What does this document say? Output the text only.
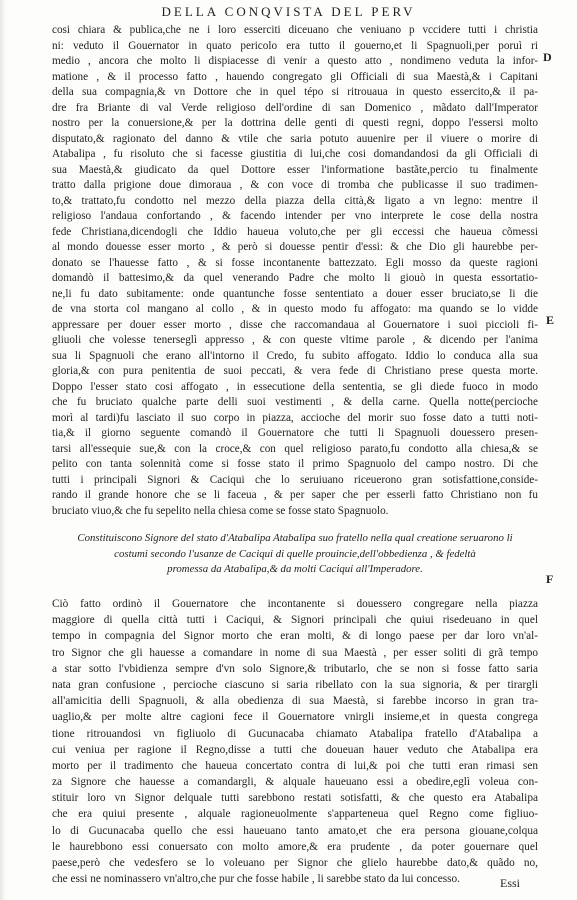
DELLA CONQVISTA DEL PERV
D
E
F
cosi chiara & publica,che ne i loro esserciti diceuano che veniuano p vccidere tutti i christia
ni: veduto il Gouernator in quato pericolo era tutto il gouerno,et li Spagnuoli,per poruì ri
medio , ancora che molto li dispiacesse di venir a questo atto , nondimeno veduta la infor-
matione , & il processo fatto , hauendo congregato gli Officiali di sua Maestà,& i Capitani
della sua compagnia,& vn Dottore che in quel tépo si ritrouaua in questo essercito,& il pa-
dre fra Briante di val Verde religioso dell'ordine di san Domenico , mãdato dall'Imperator
nostro per la conuersione,& per la dottrina delle genti di questi regni, doppo l'essersi molto
disputato,& ragionato del danno & vtile che saria potuto auuenire per il viuere o morire di
Atabalipa , fu risoluto che si facesse giustitia di lui,che cosi domandandosi da gli Officiali di
sua Maestà,& giudicato da quel Dottore esser l'informatione bastãte,percio tu finalmente
tratto dalla prigione doue dimoraua , & con voce di tromba che publicasse il suo tradimen-
to,& trattato,fu condotto nel mezzo della piazza della città,& ligato a vn legno: mentre il
religioso l'andaua confortando , & facendo intender per vno interprete le cose della nostra
fede Christiana,dicendogli che Iddio haueua voluto,che per gli eccessi che haueua cõmessi
al mondo douesse esser morto , & però si douesse pentir d'essi: & che Dio gli haurebbe per-
donato se l'hauesse fatto , & si fosse incontanente battezzato. Egli mosso da queste ragioni
domandò il battesimo,& da quel venerando Padre che molto li giouò in questa essortatio-
ne,li fu dato subitamente: onde quantunche fosse sententiato a douer esser bruciato,se li die
de vna storta col mangano al collo , & in questo modo fu affogato: ma quando se lo vidde
appressare per douer esser morto , disse che raccomandaua al Gouernatore i suoi piccioli fi-
gliuoli che volesse tenerseglì appresso , & con queste vltime parole , & dicendo per l'anima
sua li Spagnuoli che erano all'intorno il Credo, fu subito affogato. Iddio lo conduca alla sua
gloria,& con pura penitentia de suoi peccati, & vera fede di Christiano prese questa morte.
Doppo l'esser stato cosi affogato , in essecutione della sententia, se gli diede fuoco in modo
che fu bruciato qualche parte delli suoi vestimenti , & della carne. Quella notte(percioche
morì al tardi)fu lasciato il suo corpo in piazza, accioche del morir suo fosse dato a tutti noti-
tia,& il giorno seguente comandò il Gouernatore che tutti li Spagnuoli douessero presen-
tarsi all'essequie sue,& con la croce,& con quel religioso parato,fu condotto alla chiesa,& se
pelito con tanta solennità come si fosse stato il primo Spagnuolo del campo nostro. Di che
tutti i principali Signori & Caciqui che lo seruiuano riceuerono gran sotisfattione,conside-
rando il grande honore che se li faceua , & per saper che per esserli fatto Christiano non fu
bruciato viuo,& che fu sepelito nella chiesa come se fosse stato Spagnuolo.
Constituiscono Signore del stato d'Atabalipa Atabalipa suo fratello nella qual creatione seruarono li
costumi secondo l'usanze de Caciqui di quelle prouincie,dell'obbedienza , & fedeltà
promessa da Atabalipa,& da molti Caciqui all'Imperadore.
Ciò fatto ordinò il Gouernatore che incontanente si douessero congregare nella piazza
maggiore di quella città tutti i Caciqui, & Signori principali che quiui risedeuano in quel
tempo in compagnia del Signor morto che eran molti, & di longo paese per dar loro vn'al-
tro Signor che gli hauesse a comandare in nome di sua Maestà , per esser soliti di grã tempo
a star sotto l'vbidienza sempre d'vn solo Signore,& tributarlo, che se non si fosse fatto saria
nata gran confusione , percioche ciascuno si saria ribellato con la sua signoria, & per tirargli
all'amicitia delli Spagnuoli, & alla obedienza di sua Maestà, si farebbe incorso in gran tra-
uaglio,& per molte altre cagioni fece il Gouernatore vnirgli insieme,et in questa congrega
tione ritrouandosi vn figliuolo di Gucunacaba chiamato Atabalipa fratello d'Atabalipa a
cui veniua per ragione il Regno,disse a tutti che doueuan hauer veduto che Atabalipa era
morto per il tradimento che haueua concertato contra di lui,& poi che tutti eran rimasi sen
za Signore che hauesse a comandargli, & alquale haueuano essi a obedire,eglì voleua con-
stituir loro vn Signor delquale tutti sarebbono restati sotisfatti, & che questo era Atabalipa
che era quiui presente , alquale ragioneuolmente s'apparteneua quel Regno come figliuo-
lo di Gucunacaba quello che essi haueuano tanto amato,et che era persona giouane,colqua
le haurebbono essi conuersato con molto amore,& era prudente , da poter gouernare quel
paese,però che vedesfero se lo voleuano per Signor che glielo haurebbe dato,& quãdo no,
che essi ne nominassero vn'altro,che pur che fosse habile , li sarebbe stato da lui concesso.	Essi
